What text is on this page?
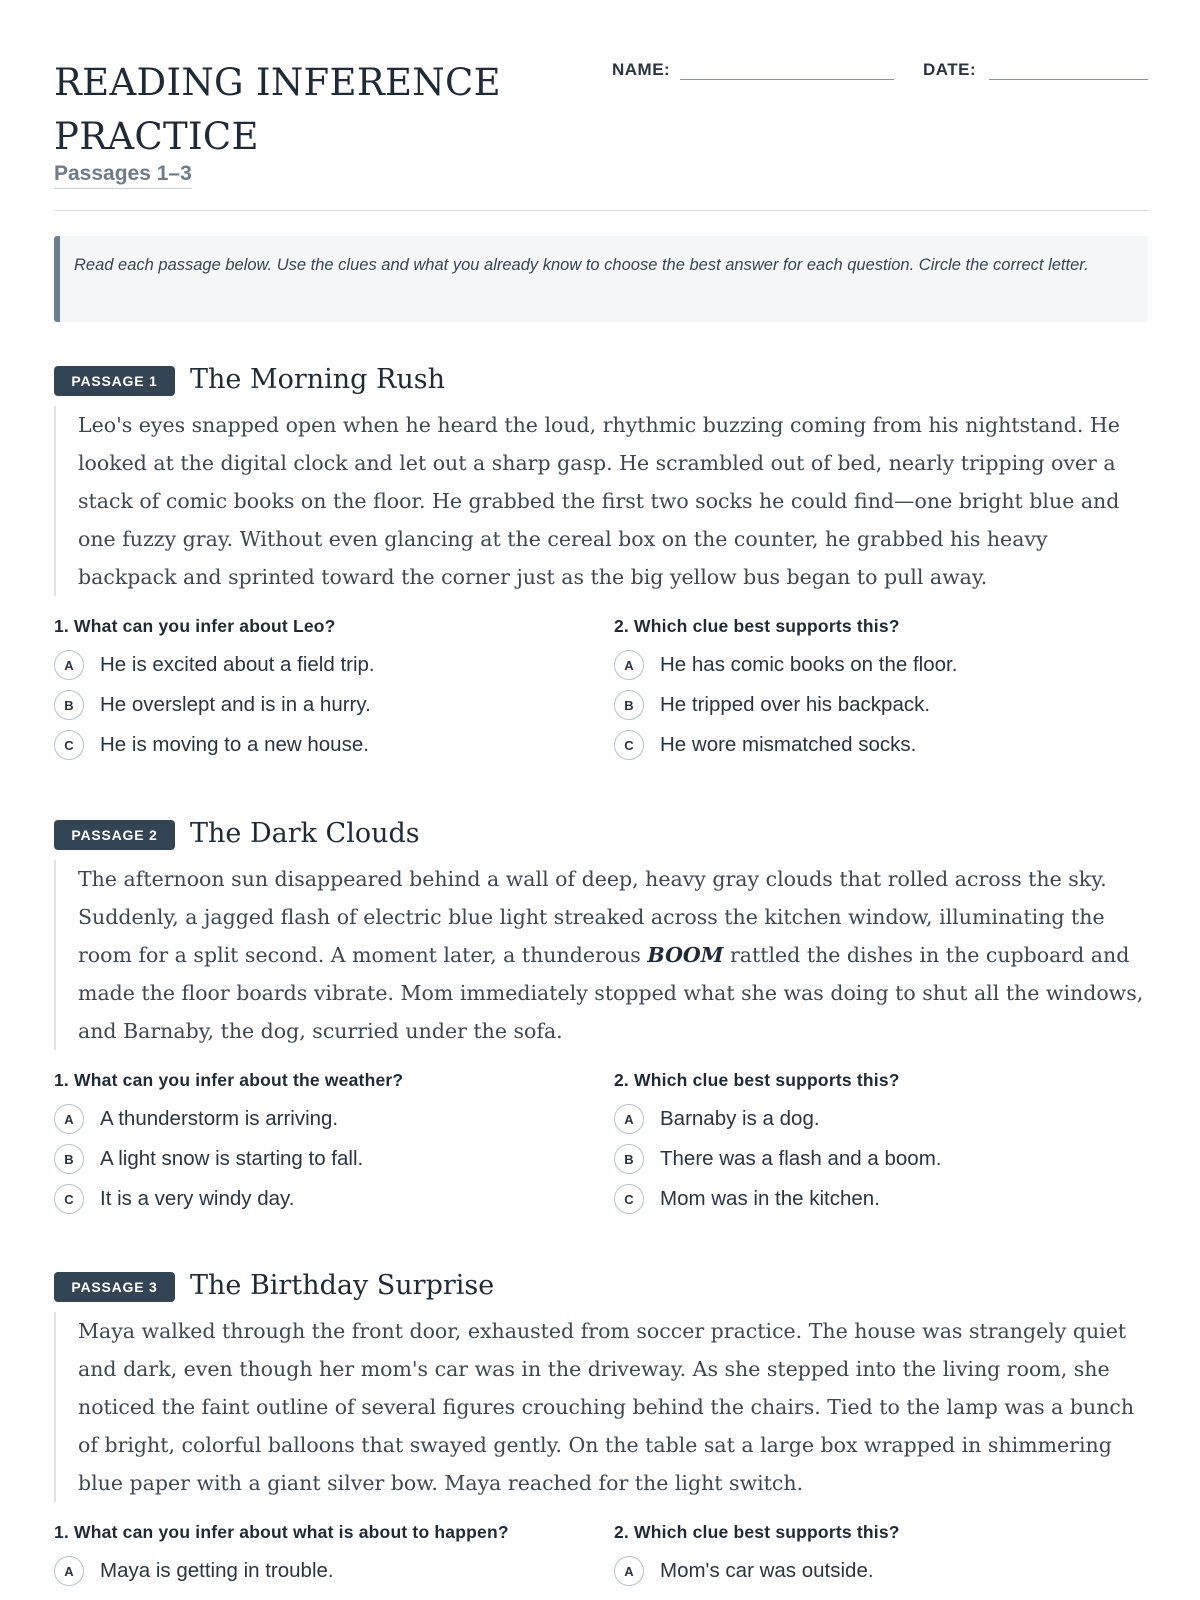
READING INFERENCE PRACTICE
Passages 1–3
NAME:	DATE:
Read each passage below. Use the clues and what you already know to choose the best answer for each question. Circle the correct letter.
PASSAGE 1	The Morning Rush

Leo's eyes snapped open when he heard the loud, rhythmic buzzing coming from his nightstand. He looked at the digital clock and let out a sharp gasp. He scrambled out of bed, nearly tripping over a stack of comic books on the floor. He grabbed the first two socks he could find—one bright blue and one fuzzy gray. Without even glancing at the cereal box on the counter, he grabbed his heavy backpack and sprinted toward the corner just as the big yellow bus began to pull away.

1. What can you infer about Leo?

A	He is excited about a field trip.
B	He overslept and is in a hurry.
C	He is moving to a new house.

2. Which clue best supports this?

A	He has comic books on the floor.
B	He tripped over his backpack.
C	He wore mismatched socks.
PASSAGE 2	The Dark Clouds

The afternoon sun disappeared behind a wall of deep, heavy gray clouds that rolled across the sky. Suddenly, a jagged flash of electric blue light streaked across the kitchen window, illuminating the room for a split second. A moment later, a thunderous BOOM rattled the dishes in the cupboard and made the floor boards vibrate. Mom immediately stopped what she was doing to shut all the windows, and Barnaby, the dog, scurried under the sofa.

1. What can you infer about the weather?

A	A thunderstorm is arriving.
B	A light snow is starting to fall.
C	It is a very windy day.

2. Which clue best supports this?

A	Barnaby is a dog.
B	There was a flash and a boom.
C	Mom was in the kitchen.
PASSAGE 3	The Birthday Surprise

Maya walked through the front door, exhausted from soccer practice. The house was strangely quiet and dark, even though her mom's car was in the driveway. As she stepped into the living room, she noticed the faint outline of several figures crouching behind the chairs. Tied to the lamp was a bunch of bright, colorful balloons that swayed gently. On the table sat a large box wrapped in shimmering blue paper with a giant silver bow. Maya reached for the light switch.

1. What can you infer about what is about to happen?

A	Maya is getting in trouble.

2. Which clue best supports this?

A	Mom's car was outside.
